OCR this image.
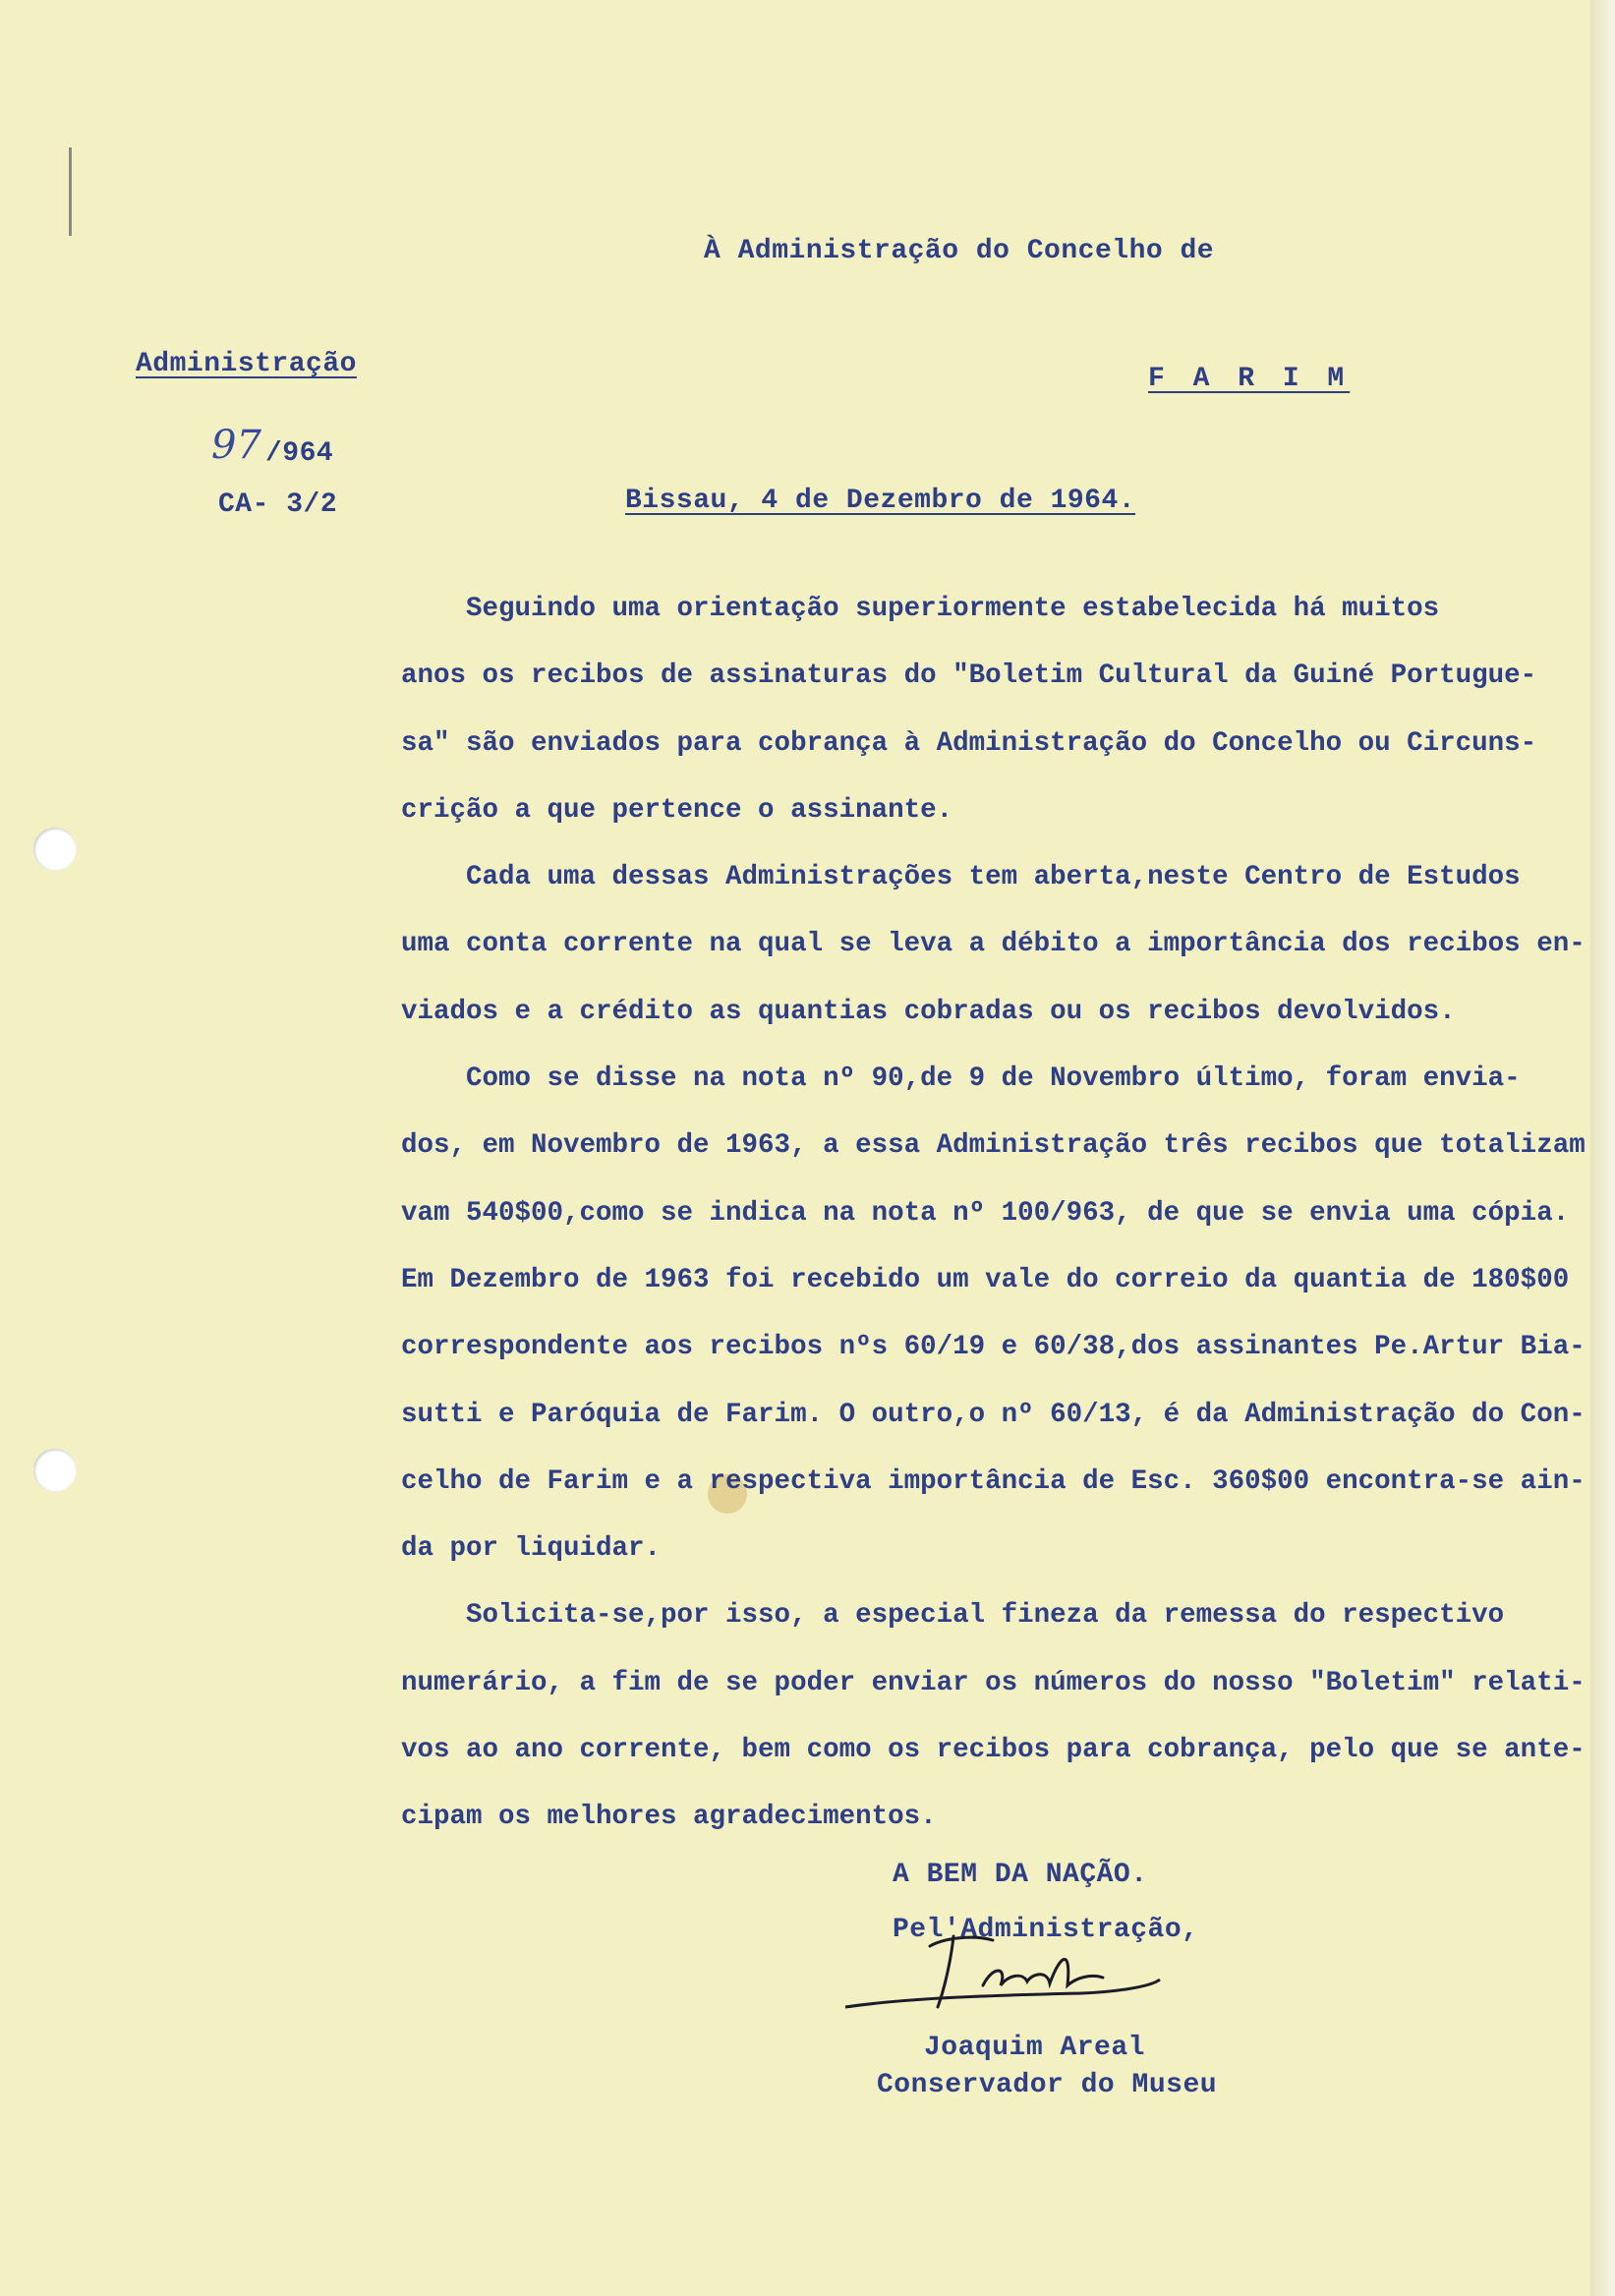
À Administração do Concelho de
F A R I M
Administração
97 /964
CA- 3/2	Bissau, 4 de Dezembro de 1964.
Seguindo uma orientação superiormente estabelecida há muitos
anos os recibos de assinaturas do "Boletim Cultural da Guiné Portugue-
sa" são enviados para cobrança à Administração do Concelho ou Circuns-
crição a que pertence o assinante.
Cada uma dessas Administrações tem aberta,neste Centro de Estudos
uma conta corrente na qual se leva a débito a importância dos recibos en-
viados e a crédito as quantias cobradas ou os recibos devolvidos.
Como se disse na nota nº 90,de 9 de Novembro último, foram envia-
dos, em Novembro de 1963, a essa Administração três recibos que totalizam
vam 540$00,como se indica na nota nº 100/963, de que se envia uma cópia.
Em Dezembro de 1963 foi recebido um vale do correio da quantia de 180$00
correspondente aos recibos nºs 60/19 e 60/38,dos assinantes Pe.Artur Bia-
sutti e Paróquia de Farim. O outro,o nº 60/13, é da Administração do Con-
celho de Farim e a respectiva importância de Esc. 360$00 encontra-se ain-
da por liquidar.
Solicita-se,por isso, a especial fineza da remessa do respectivo
numerário, a fim de se poder enviar os números do nosso "Boletim" relati-
vos ao ano corrente, bem como os recibos para cobrança, pelo que se ante-
cipam os melhores agradecimentos.
A BEM DA NAÇÃO.
Pel'Administração,
Joaquim Areal
Conservador do Museu
